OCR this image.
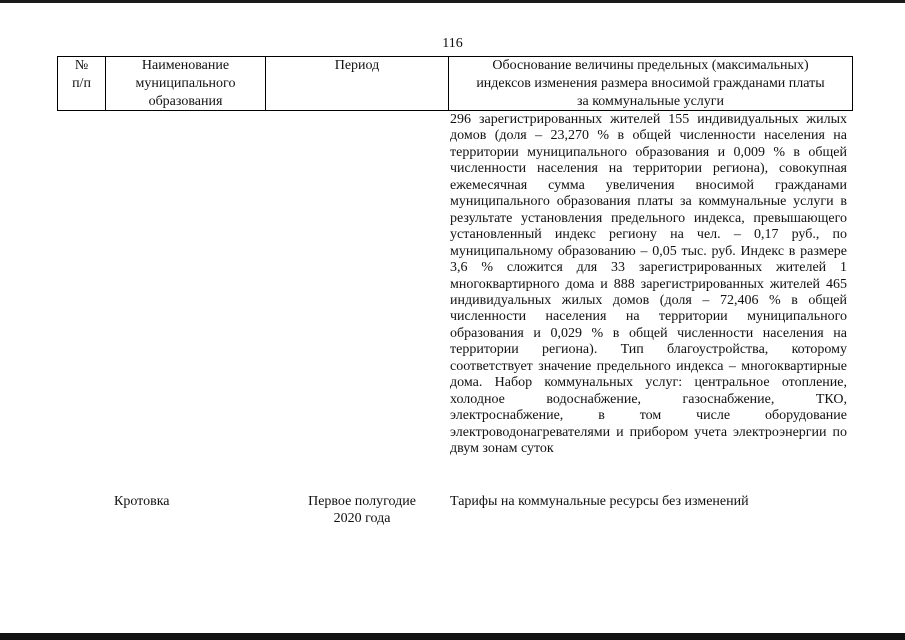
116
№
п/п
Наименование
муниципального
образования
Период	Обоснование величины предельных (максимальных)
индексов изменения размера вносимой гражданами платы
за коммунальные услуги

296 зарегистрированных жителей 155 индивидуальных жилых домов (доля – 23,270 % в общей численности населения на территории муниципального образования и 0,009 % в общей численности населения на территории региона), совокупная ежемесячная сумма увеличения вносимой гражданами муниципального образования платы за коммунальные услуги в результате установления предельного индекса, превышающего установленный индекс региону на чел. – 0,17 руб., по муниципальному образованию – 0,05 тыс. руб. Индекс в размере 3,6 % сложится для 33 зарегистрированных жителей 1 многоквартирного дома и 888 зарегистрированных жителей 465 индивидуальных жилых домов (доля – 72,406 % в общей численности населения на территории муниципального образования и 0,029 % в общей численности населения на территории региона). Тип благоустройства, которому соответствует значение предельного индекса – многоквартирные дома. Набор коммунальных услуг: центральное отопление, холодное водоснабжение, газоснабжение, ТКО, электроснабжение, в том числе оборудование электроводонагревателями и прибором учета электроэнергии по двум зонам суток

Кротовка	Первое полугодие
2020 года
Тарифы на коммунальные ресурсы без изменений
